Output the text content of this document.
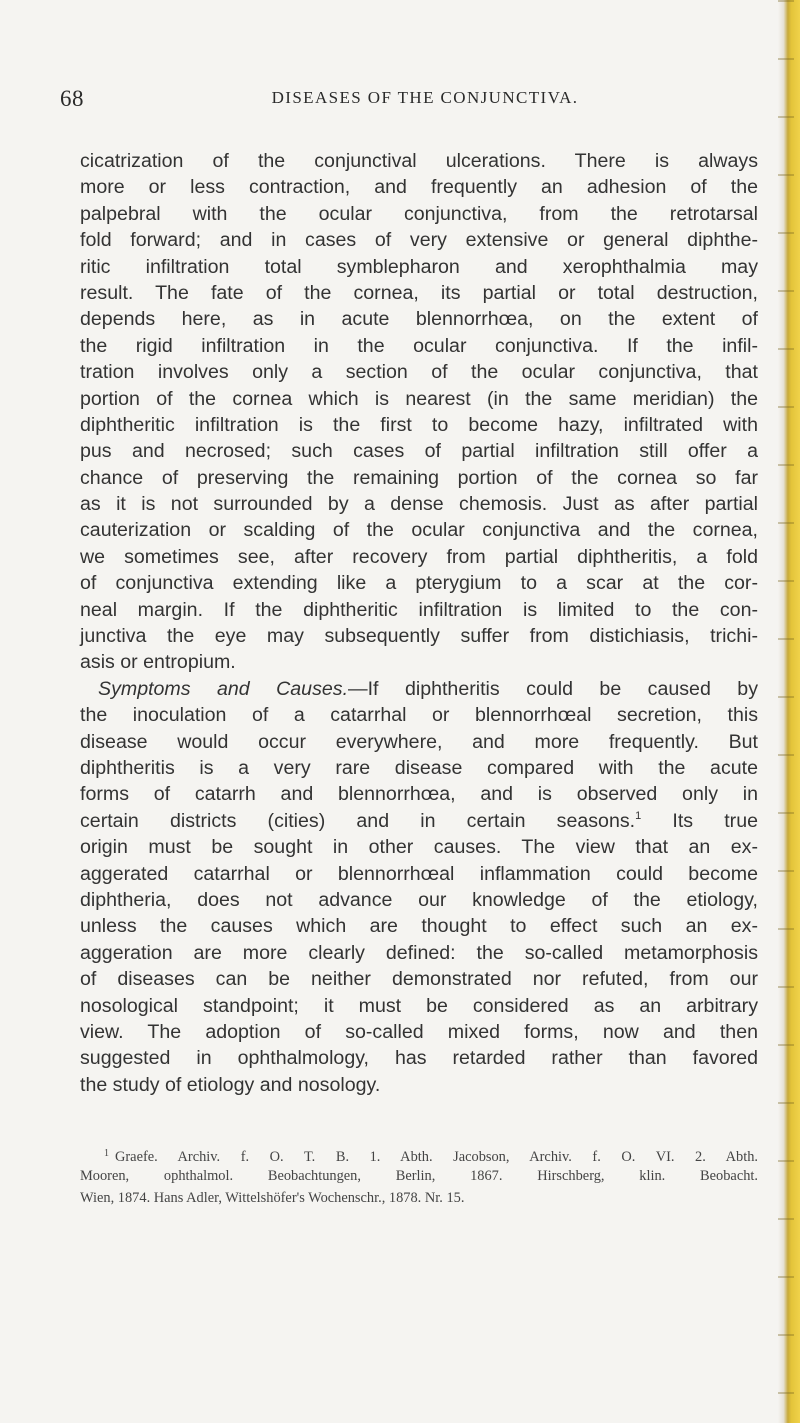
68	DISEASES OF THE CONJUNCTIVA.
cicatrization of the conjunctival ulcerations. There is always
more or less contraction, and frequently an adhesion of the
palpebral with the ocular conjunctiva, from the retrotarsal
fold forward; and in cases of very extensive or general diphthe-
ritic infiltration total symblepharon and xerophthalmia may
result. The fate of the cornea, its partial or total destruction,
depends here, as in acute blennorrhœa, on the extent of
the rigid infiltration in the ocular conjunctiva. If the infil-
tration involves only a section of the ocular conjunctiva, that
portion of the cornea which is nearest (in the same meridian) the
diphtheritic infiltration is the first to become hazy, infiltrated with
pus and necrosed; such cases of partial infiltration still offer a
chance of preserving the remaining portion of the cornea so far
as it is not surrounded by a dense chemosis. Just as after partial
cauterization or scalding of the ocular conjunctiva and the cornea,
we sometimes see, after recovery from partial diphtheritis, a fold
of conjunctiva extending like a pterygium to a scar at the cor-
neal margin. If the diphtheritic infiltration is limited to the con-
junctiva the eye may subsequently suffer from distichiasis, trichi-
asis or entropium.
Symptoms and Causes.—If diphtheritis could be caused by
the inoculation of a catarrhal or blennorrhœal secretion, this
disease would occur everywhere, and more frequently. But
diphtheritis is a very rare disease compared with the acute
forms of catarrh and blennorrhœa, and is observed only in
certain districts (cities) and in certain seasons.$^1$ Its true
origin must be sought in other causes. The view that an ex-
aggerated catarrhal or blennorrhœal inflammation could become
diphtheria, does not advance our knowledge of the etiology,
unless the causes which are thought to effect such an ex-
aggeration are more clearly defined: the so-called metamorphosis
of diseases can be neither demonstrated nor refuted, from our
nosological standpoint; it must be considered as an arbitrary
view. The adoption of so-called mixed forms, now and then
suggested in ophthalmology, has retarded rather than favored
the study of etiology and nosology.
$^1$ Graefe. Archiv. f. O. T. B. 1. Abth. Jacobson, Archiv. f. O. VI. 2. Abth.
Mooren, ophthalmol. Beobachtungen, Berlin, 1867. Hirschberg, klin. Beobacht.
Wien, 1874. Hans Adler, Wittelshöfer's Wochenschr., 1878. Nr. 15.
